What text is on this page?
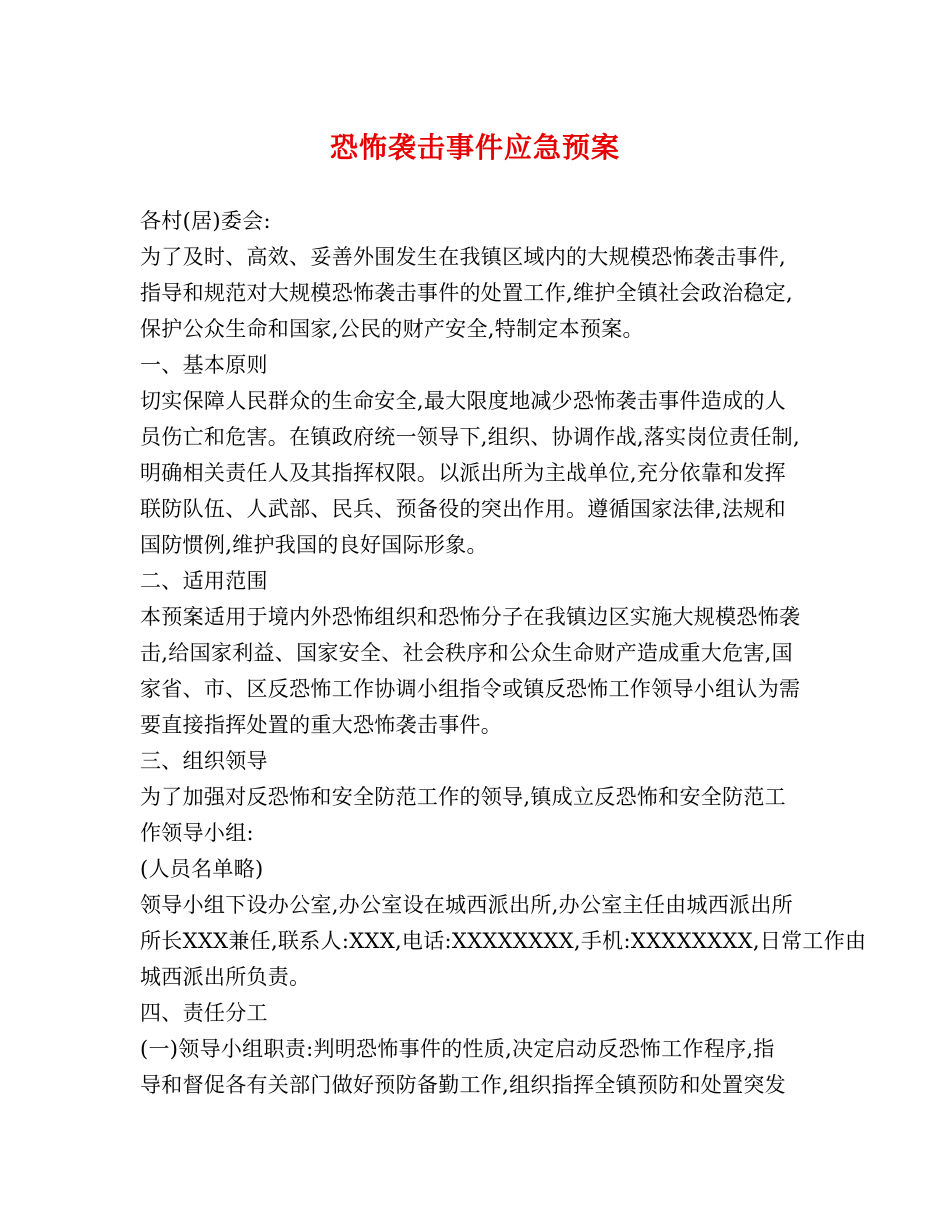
恐怖袭击事件应急预案
各村(居)委会:
为了及时、高效、妥善外围发生在我镇区域内的大规模恐怖袭击事件,
指导和规范对大规模恐怖袭击事件的处置工作,维护全镇社会政治稳定,
保护公众生命和国家,公民的财产安全,特制定本预案。
一、基本原则
切实保障人民群众的生命安全,最大限度地减少恐怖袭击事件造成的人
员伤亡和危害。在镇政府统一领导下,组织、协调作战,落实岗位责任制,
明确相关责任人及其指挥权限。以派出所为主战单位,充分依靠和发挥
联防队伍、人武部、民兵、预备役的突出作用。遵循国家法律,法规和
国防惯例,维护我国的良好国际形象。
二、适用范围
本预案适用于境内外恐怖组织和恐怖分子在我镇边区实施大规模恐怖袭
击,给国家利益、国家安全、社会秩序和公众生命财产造成重大危害,国
家省、市、区反恐怖工作协调小组指令或镇反恐怖工作领导小组认为需
要直接指挥处置的重大恐怖袭击事件。
三、组织领导
为了加强对反恐怖和安全防范工作的领导,镇成立反恐怖和安全防范工
作领导小组:
(人员名单略)
领导小组下设办公室,办公室设在城西派出所,办公室主任由城西派出所
所长XXX兼任,联系人:XXX,电话:XXXXXXXX,手机:XXXXXXXX,日常工作由
城西派出所负责。
四、责任分工
(一)领导小组职责:判明恐怖事件的性质,决定启动反恐怖工作程序,指
导和督促各有关部门做好预防备勤工作,组织指挥全镇预防和处置突发
